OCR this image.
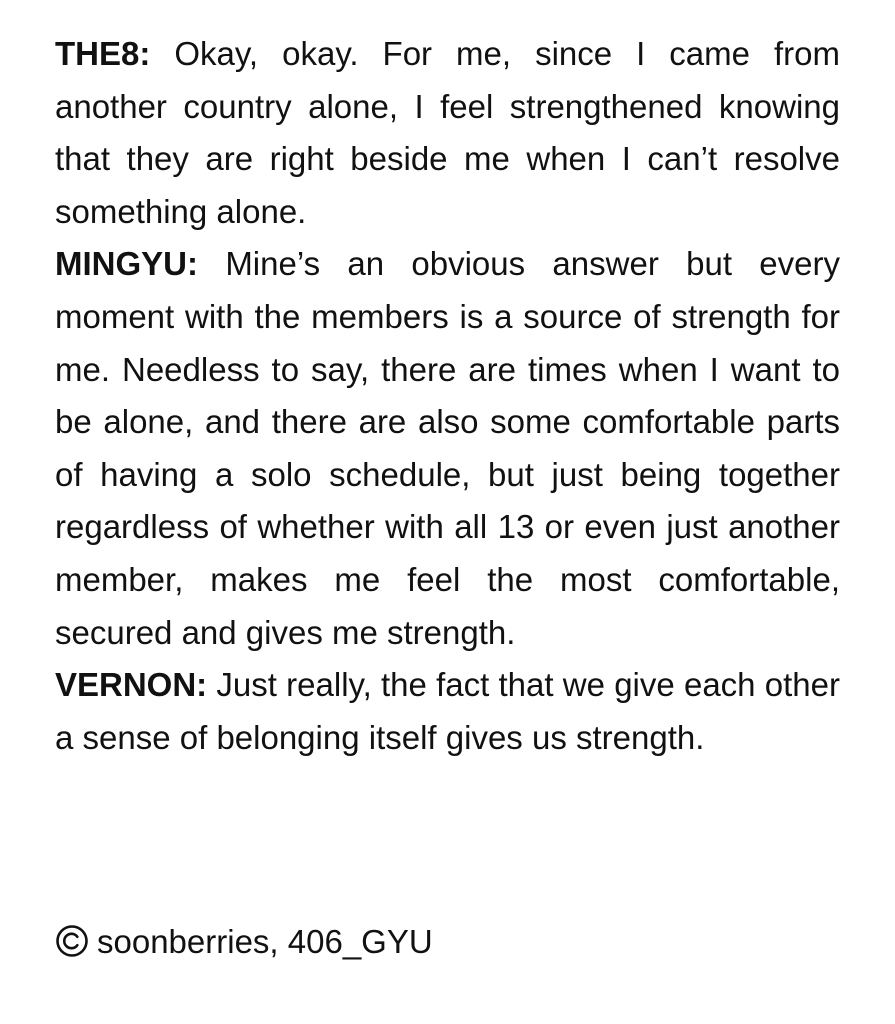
THE8: Okay, okay. For me, since I came from another country alone, I feel strengthened knowing that they are right beside me when I can’t resolve something alone.

MINGYU: Mine’s an obvious answer but every moment with the members is a source of strength for me. Needless to say, there are times when I want to be alone, and there are also some comfortable parts of having a solo schedule, but just being together regardless of whether with all 13 or even just another member, makes me feel the most comfortable, secured and gives me strength.

VERNON: Just really, the fact that we give each other a sense of belonging itself gives us strength.

soonberries, 406_GYU
